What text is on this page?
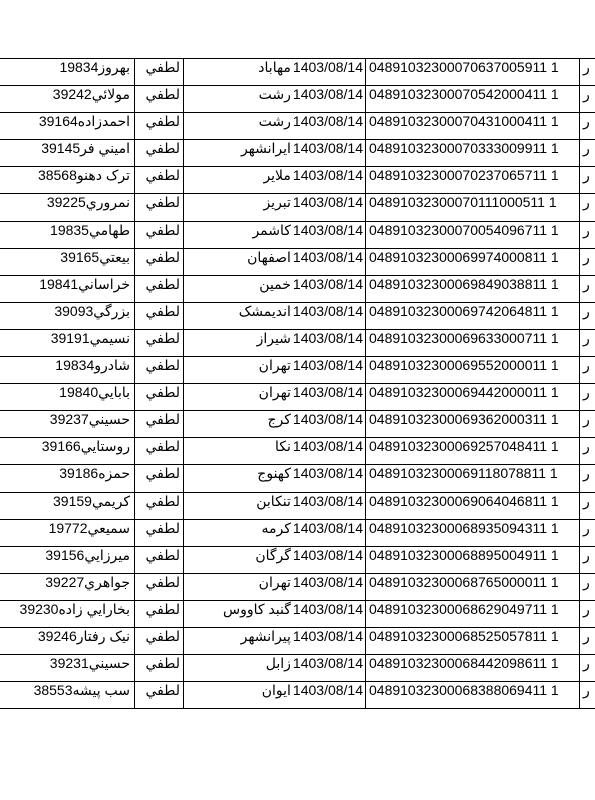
بهروز19834	لطفي	مهاباد 1403/08/14	04891032300070637005911 1	ر
مولائي39242	لطفي	رشت 1403/08/14	04891032300070542000411 1	ر
احمدزاده39164	لطفي	رشت 1403/08/14	04891032300070431000411 1	ر
اميني فر39145	لطفي	ايرانشهر 1403/08/14	04891032300070333009911 1	ر
ترک دهنو38568	لطفي	ملاير 1403/08/14	04891032300070237065711 1	ر
نمروري39225	لطفي	تبريز 1403/08/14	04891032300070111000511 1	ر
طهامي19835	لطفي	كاشمر 1403/08/14	04891032300070054096711 1	ر
بيعتي39165	لطفي	اصفهان 1403/08/14	04891032300069974000811 1	ر
خراساني19841	لطفي	خمين 1403/08/14	04891032300069849038811 1	ر
بزرگي39093	لطفي	انديمشک 1403/08/14	04891032300069742064811 1	ر
نسيمي39191	لطفي	شيراز 1403/08/14	04891032300069633000711 1	ر
شادرو19834	لطفي	تهران 1403/08/14	04891032300069552000011 1	ر
بابايي19840	لطفي	تهران 1403/08/14	04891032300069442000011 1	ر
حسيني39237	لطفي	کرج 1403/08/14	04891032300069362000311 1	ر
روستايي39166	لطفي	نکا 1403/08/14	04891032300069257048411 1	ر
حمزه39186	لطفي	كهنوج 1403/08/14	04891032300069118078811 1	ر
كريمي39159	لطفي	تنكابن 1403/08/14	04891032300069064046811 1	ر
سميعي19772	لطفي	كرمه 1403/08/14	04891032300068935094311 1	ر
ميرزايي39156	لطفي	گرگان 1403/08/14	04891032300068895004911 1	ر
جواهري39227	لطفي	تهران 1403/08/14	04891032300068765000011 1	ر
بخارايي زاده39230	لطفي	گنبد كاووس 1403/08/14	04891032300068629049711 1	ر
نيک رفتار39246	لطفي	پيرانشهر 1403/08/14	04891032300068525057811 1	ر
حسيني39231	لطفي	زابل 1403/08/14	04891032300068442098611 1	ر
سب پيشه38553	لطفي	ايوان 1403/08/14	04891032300068388069411 1	ر
